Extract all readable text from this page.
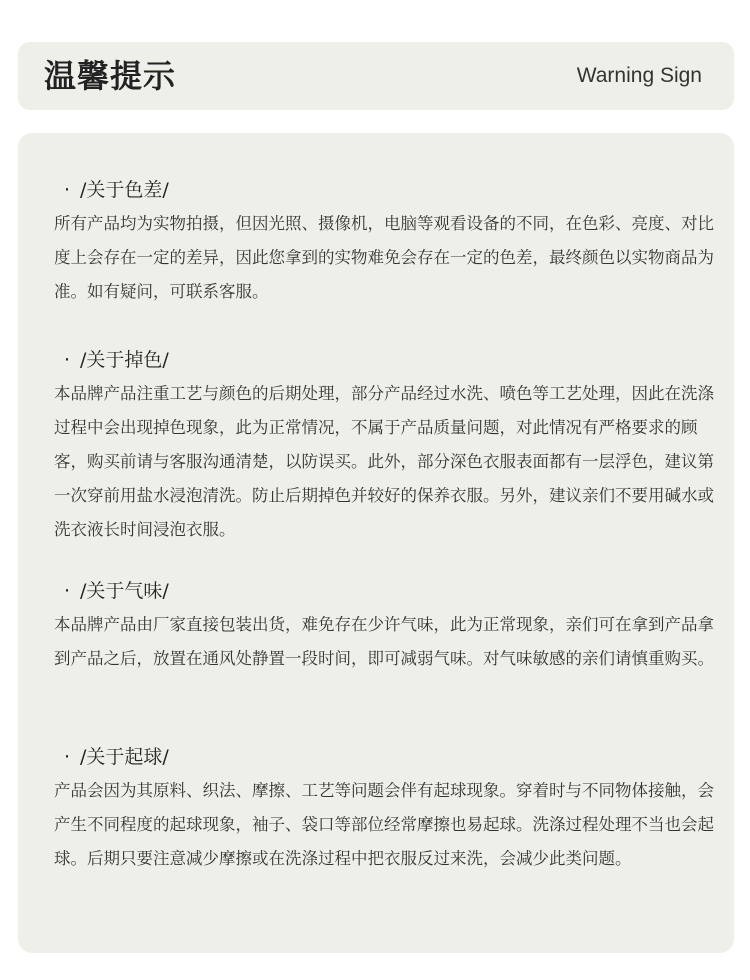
温馨提示	Warning Sign
· /关于色差/

所有产品均为实物拍摄，但因光照、摄像机，电脑等观看设备的不同，在色彩、亮度、对比度上会存在一定的差异，因此您拿到的实物难免会存在一定的色差，最终颜色以实物商品为准。如有疑问，可联系客服。

· /关于掉色/

本品牌产品注重工艺与颜色的后期处理，部分产品经过水洗、喷色等工艺处理，因此在洗涤过程中会出现掉色现象，此为正常情况，不属于产品质量问题，对此情况有严格要求的顾客，购买前请与客服沟通清楚，以防误买。此外，部分深色衣服表面都有一层浮色，建议第一次穿前用盐水浸泡清洗。防止后期掉色并较好的保养衣服。另外，建议亲们不要用碱水或洗衣液长时间浸泡衣服。

· /关于气味/

本品牌产品由厂家直接包装出货，难免存在少许气味，此为正常现象，亲们可在拿到产品拿到产品之后，放置在通风处静置一段时间，即可减弱气味。对气味敏感的亲们请慎重购买。

· /关于起球/

产品会因为其原料、织法、摩擦、工艺等问题会伴有起球现象。穿着时与不同物体接触，会产生不同程度的起球现象，袖子、袋口等部位经常摩擦也易起球。洗涤过程处理不当也会起球。后期只要注意减少摩擦或在洗涤过程中把衣服反过来洗，会减少此类问题。
